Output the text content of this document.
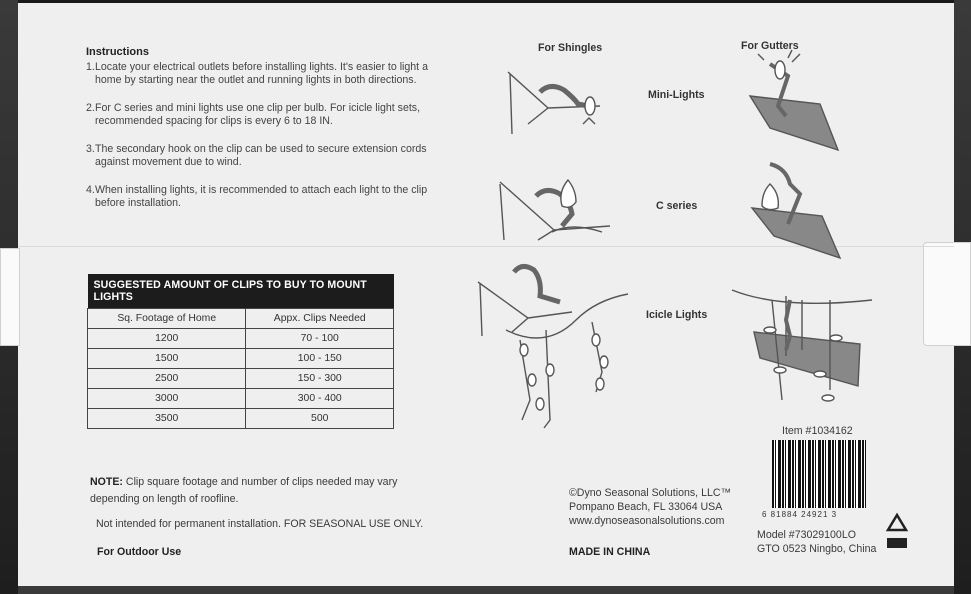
Instructions
1. Locate your electrical outlets before installing lights. It's easier to light a home by starting near the outlet and running lights in both directions.
2. For C series and mini lights use one clip per bulb. For icicle light sets, recommended spacing for clips is every 6 to 18 IN.
3. The secondary hook on the clip can be used to secure extension cords against movement due to wind.
4. When installing lights, it is recommended to attach each light to the clip before installation.
SUGGESTED AMOUNT OF CLIPS TO BUY TO MOUNT LIGHTS	
Sq. Footage of Home	Appx. Clips Needed
1200	70 - 100
1500	100 - 150
2500	150 - 300
3000	300 - 400
3500	500
NOTE: Clip square footage and number of clips needed may vary depending on length of roofline.
Not intended for permanent installation. FOR SEASONAL USE ONLY.
For Outdoor Use
For Shingles	For Gutters
Mini-Lights
C series
Icicle Lights
Item #1034162
6 81884 24921 3
©Dyno Seasonal Solutions, LLC™
Pompano Beach, FL 33064 USA
www.dynoseasonalsolutions.com
MADE IN CHINA
Model #73029100LO
GTO 0523 Ningbo, China
